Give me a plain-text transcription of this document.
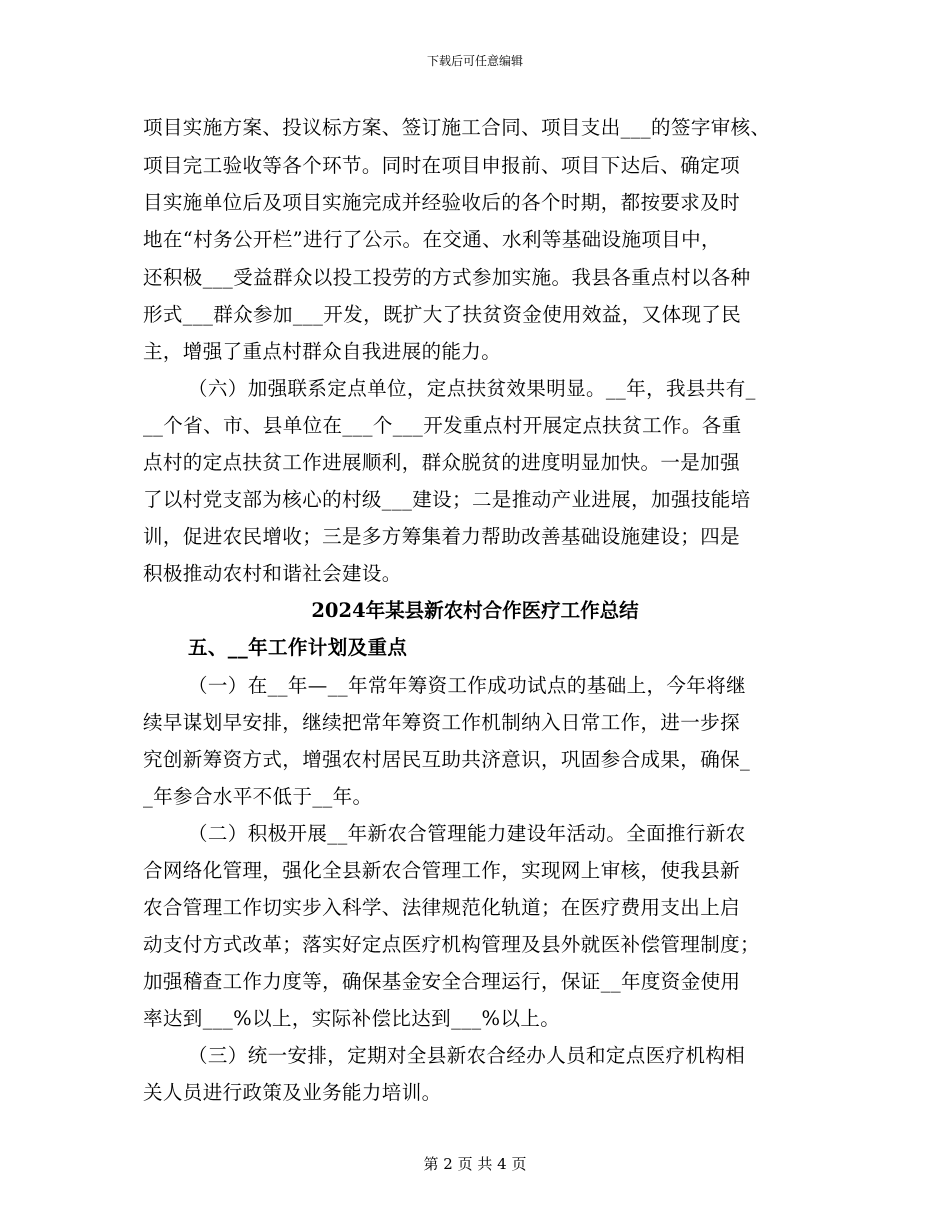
下载后可任意编辑
项目实施方案、投议标方案、签订施工合同、项目支出___的签字审核、
项目完工验收等各个环节。同时在项目申报前、项目下达后、确定项
目实施单位后及项目实施完成并经验收后的各个时期，都按要求及时
地在“村务公开栏”进行了公示。在交通、水利等基础设施项目中，
还积极___受益群众以投工投劳的方式参加实施。我县各重点村以各种
形式___群众参加___开发，既扩大了扶贫资金使用效益，又体现了民
主，增强了重点村群众自我进展的能力。
（六）加强联系定点单位，定点扶贫效果明显。__年，我县共有_
__个省、市、县单位在___个___开发重点村开展定点扶贫工作。各重
点村的定点扶贫工作进展顺利，群众脱贫的进度明显加快。一是加强
了以村党支部为核心的村级___建设；二是推动产业进展，加强技能培
训，促进农民增收；三是多方筹集着力帮助改善基础设施建设；四是
积极推动农村和谐社会建设。
2024年某县新农村合作医疗工作总结
五、__年工作计划及重点
（一）在__年—__年常年筹资工作成功试点的基础上，今年将继
续早谋划早安排，继续把常年筹资工作机制纳入日常工作，进一步探
究创新筹资方式，增强农村居民互助共济意识，巩固参合成果，确保_
_年参合水平不低于__年。
（二）积极开展__年新农合管理能力建设年活动。全面推行新农
合网络化管理，强化全县新农合管理工作，实现网上审核，使我县新
农合管理工作切实步入科学、法律规范化轨道；在医疗费用支出上启
动支付方式改革；落实好定点医疗机构管理及县外就医补偿管理制度；
加强稽查工作力度等，确保基金安全合理运行，保证__年度资金使用
率达到___%以上，实际补偿比达到___%以上。
（三）统一安排，定期对全县新农合经办人员和定点医疗机构相
关人员进行政策及业务能力培训。
第 2 页 共 4 页
